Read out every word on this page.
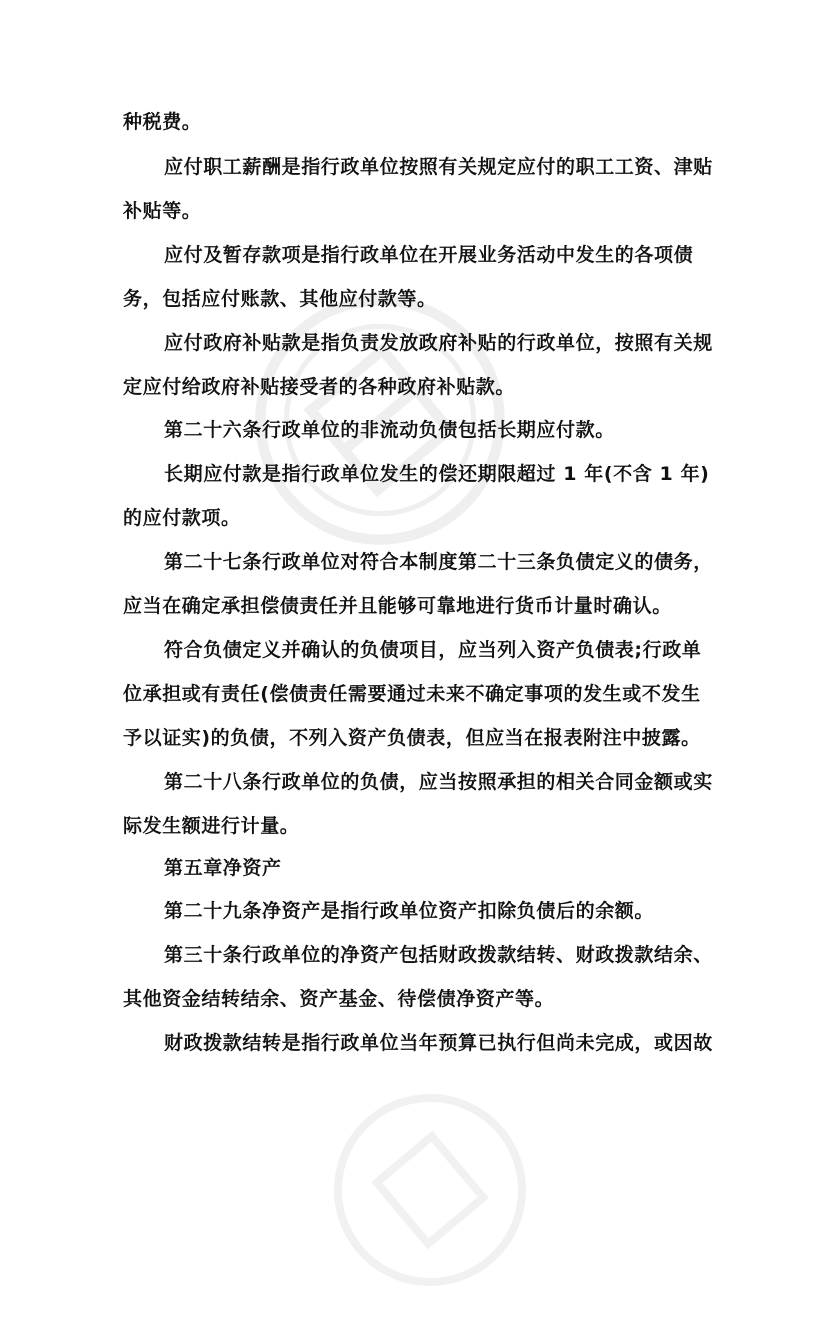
种税费。
应付职工薪酬是指行政单位按照有关规定应付的职工工资、津贴
补贴等。
应付及暂存款项是指行政单位在开展业务活动中发生的各项债
务，包括应付账款、其他应付款等。
应付政府补贴款是指负责发放政府补贴的行政单位，按照有关规
定应付给政府补贴接受者的各种政府补贴款。
第二十六条行政单位的非流动负债包括长期应付款。
长期应付款是指行政单位发生的偿还期限超过 1 年(不含 1 年)
的应付款项。
第二十七条行政单位对符合本制度第二十三条负债定义的债务，
应当在确定承担偿债责任并且能够可靠地进行货币计量时确认。
符合负债定义并确认的负债项目，应当列入资产负债表;行政单
位承担或有责任(偿债责任需要通过未来不确定事项的发生或不发生
予以证实)的负债，不列入资产负债表，但应当在报表附注中披露。
第二十八条行政单位的负债，应当按照承担的相关合同金额或实
际发生额进行计量。
第五章净资产
第二十九条净资产是指行政单位资产扣除负债后的余额。
第三十条行政单位的净资产包括财政拨款结转、财政拨款结余、
其他资金结转结余、资产基金、待偿债净资产等。
财政拨款结转是指行政单位当年预算已执行但尚未完成，或因故
